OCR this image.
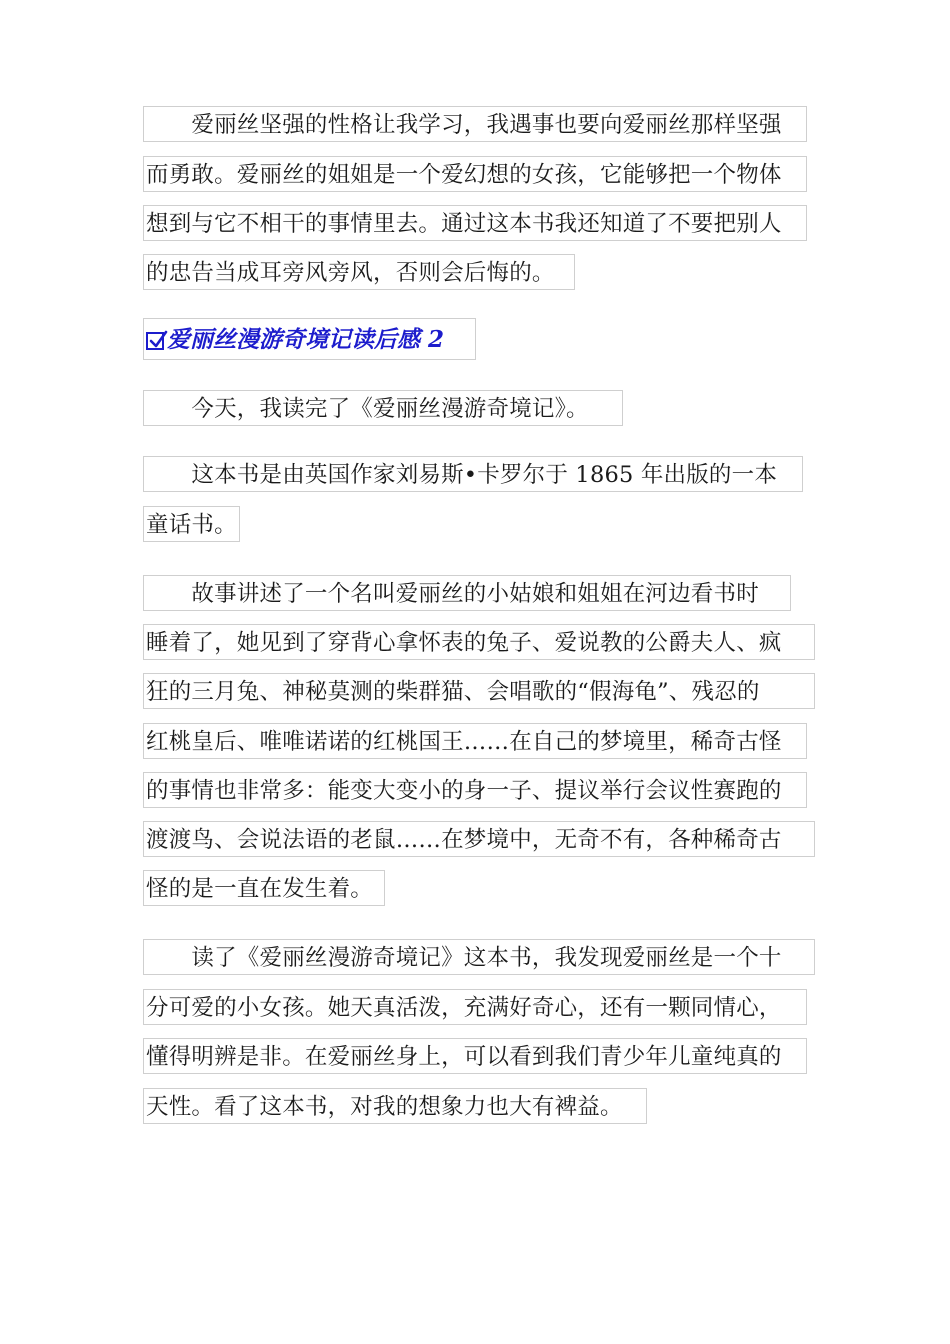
　　爱丽丝坚强的性格让我学习，我遇事也要向爱丽丝那样坚强
而勇敢。爱丽丝的姐姐是一个爱幻想的女孩，它能够把一个物体
想到与它不相干的事情里去。通过这本书我还知道了不要把别人
的忠告当成耳旁风旁风，否则会后悔的。
爱丽丝漫游奇境记读后感 2
　　今天，我读完了《爱丽丝漫游奇境记》。
　　这本书是由英国作家刘易斯•卡罗尔于 1865 年出版的一本
童话书。
　　故事讲述了一个名叫爱丽丝的小姑娘和姐姐在河边看书时
睡着了，她见到了穿背心拿怀表的兔子、爱说教的公爵夫人、疯
狂的三月兔、神秘莫测的柴群猫、会唱歌的“假海龟”、残忍的
红桃皇后、唯唯诺诺的红桃国王……在自己的梦境里，稀奇古怪
的事情也非常多：能变大变小的身一子、提议举行会议性赛跑的
渡渡鸟、会说法语的老鼠……在梦境中，无奇不有，各种稀奇古
怪的是一直在发生着。
　　读了《爱丽丝漫游奇境记》这本书，我发现爱丽丝是一个十
分可爱的小女孩。她天真活泼，充满好奇心，还有一颗同情心，
懂得明辨是非。在爱丽丝身上，可以看到我们青少年儿童纯真的
天性。看了这本书，对我的想象力也大有裨益。
